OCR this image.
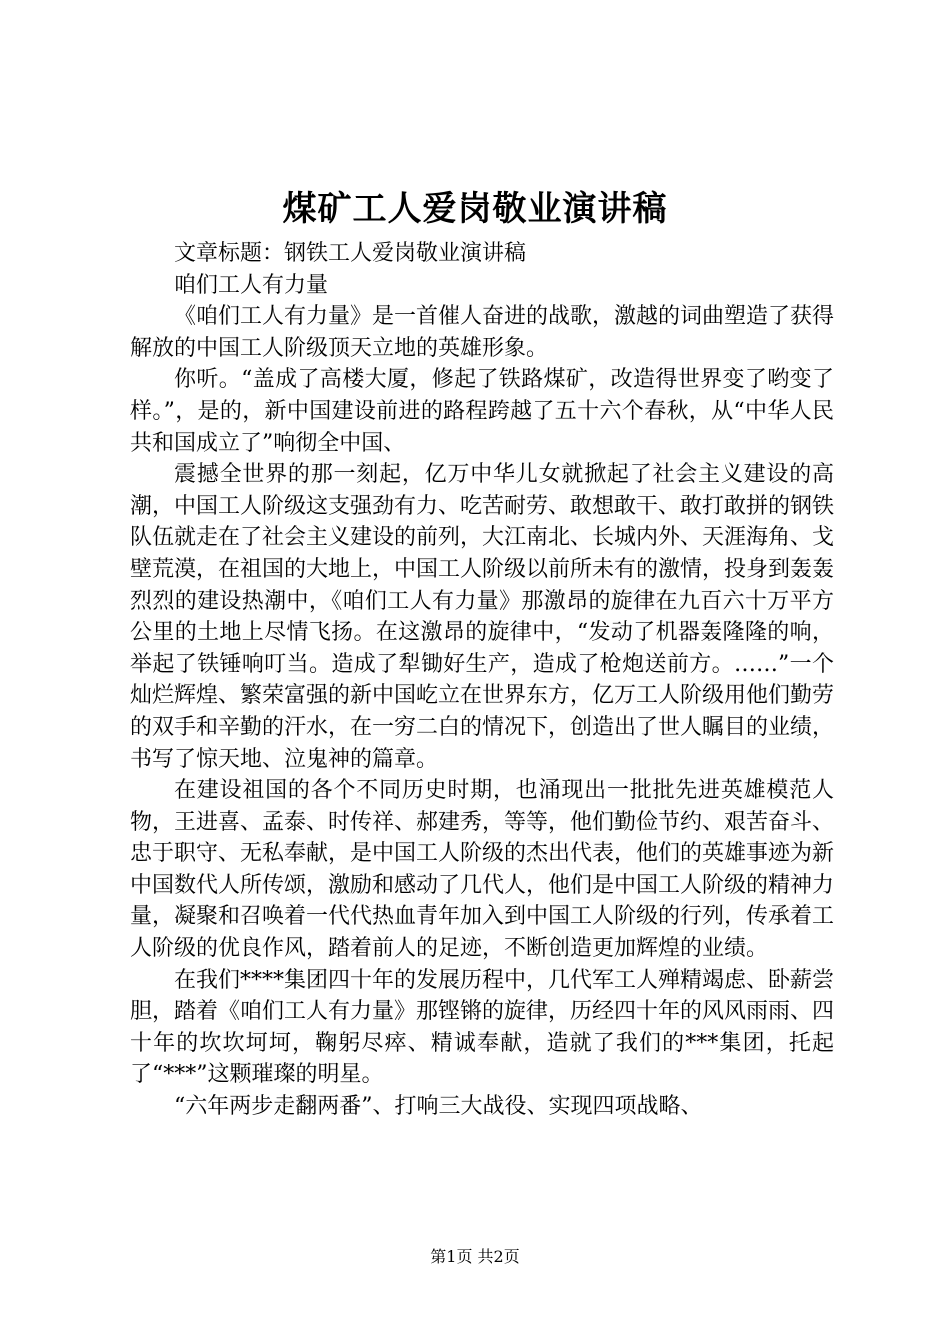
煤矿工人爱岗敬业演讲稿

文章标题：钢铁工人爱岗敬业演讲稿

咱们工人有力量

《咱们工人有力量》是一首催人奋进的战歌，激越的词曲塑造了获得解放的中国工人阶级顶天立地的英雄形象。

你听。“盖成了高楼大厦，修起了铁路煤矿，改造得世界变了哟变了样。”，是的，新中国建设前进的路程跨越了五十六个春秋，从“中华人民共和国成立了”响彻全中国、

震撼全世界的那一刻起，亿万中华儿女就掀起了社会主义建设的高潮，中国工人阶级这支强劲有力、吃苦耐劳、敢想敢干、敢打敢拼的钢铁队伍就走在了社会主义建设的前列，大江南北、长城内外、天涯海角、戈壁荒漠，在祖国的大地上，中国工人阶级以前所未有的激情，投身到轰轰烈烈的建设热潮中，《咱们工人有力量》那激昂的旋律在九百六十万平方公里的土地上尽情飞扬。在这激昂的旋律中，“发动了机器轰隆隆的响，举起了铁锤响叮当。造成了犁锄好生产，造成了枪炮送前方。……”一个灿烂辉煌、繁荣富强的新中国屹立在世界东方，亿万工人阶级用他们勤劳的双手和辛勤的汗水，在一穷二白的情况下，创造出了世人瞩目的业绩，书写了惊天地、泣鬼神的篇章。

在建设祖国的各个不同历史时期，也涌现出一批批先进英雄模范人物，王进喜、孟泰、时传祥、郝建秀，等等，他们勤俭节约、艰苦奋斗、忠于职守、无私奉献，是中国工人阶级的杰出代表，他们的英雄事迹为新中国数代人所传颂，激励和感动了几代人，他们是中国工人阶级的精神力量，凝聚和召唤着一代代热血青年加入到中国工人阶级的行列，传承着工人阶级的优良作风，踏着前人的足迹，不断创造更加辉煌的业绩。

在我们****集团四十年的发展历程中，几代军工人殚精竭虑、卧薪尝胆，踏着《咱们工人有力量》那铿锵的旋律，历经四十年的风风雨雨、四十年的坎坎坷坷，鞠躬尽瘁、精诚奉献，造就了我们的***集团，托起了“***”这颗璀璨的明星。

“六年两步走翻两番”、打响三大战役、实现四项战略、

第1页 共2页
